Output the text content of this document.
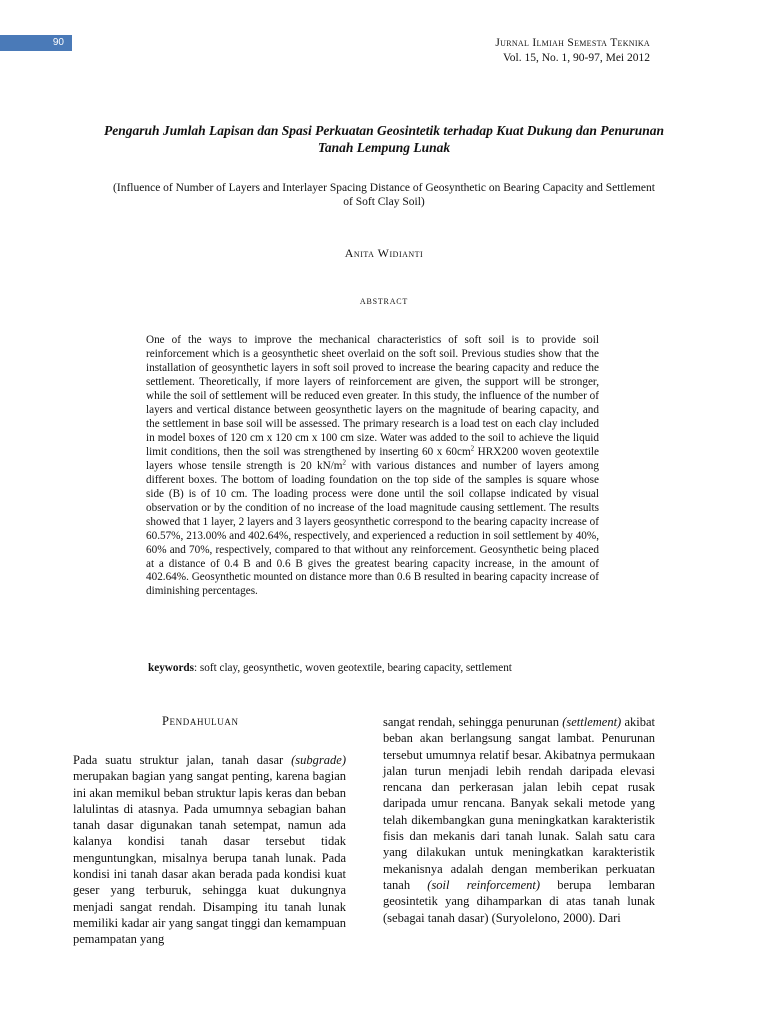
90	Jurnal Ilmiah Semesta Teknika
Vol. 15, No. 1, 90-97, Mei 2012
Pengaruh Jumlah Lapisan dan Spasi Perkuatan Geosintetik terhadap Kuat Dukung dan Penurunan Tanah Lempung Lunak
(Influence of Number of Layers and Interlayer Spacing Distance of Geosynthetic on Bearing Capacity and Settlement of Soft Clay Soil)
Anita Widianti
abstract
One of the ways to improve the mechanical characteristics of soft soil is to provide soil reinforcement which is a geosynthetic sheet overlaid on the soft soil. Previous studies show that the installation of geosynthetic layers in soft soil proved to increase the bearing capacity and reduce the settlement. Theoretically, if more layers of reinforcement are given, the support will be stronger, while the soil of settlement will be reduced even greater. In this study, the influence of the number of layers and vertical distance between geosynthetic layers on the magnitude of bearing capacity, and the settlement in base soil will be assessed. The primary research is a load test on each clay included in model boxes of 120 cm x 120 cm x 100 cm size. Water was added to the soil to achieve the liquid limit conditions, then the soil was strengthened by inserting 60 x $60cm^2$ HRX200 woven geotextile layers whose tensile strength is 20 $kN/m^2$ with various distances and number of layers among different boxes. The bottom of loading foundation on the top side of the samples is square whose side (B) is of 10 cm. The loading process were done until the soil collapse indicated by visual observation or by the condition of no increase of the load magnitude causing settlement. The results showed that 1 layer, 2 layers and 3 layers geosynthetic correspond to the bearing capacity increase of 60.57%, 213.00% and 402.64%, respectively, and experienced a reduction in soil settlement by 40%, 60% and 70%, respectively, compared to that without any reinforcement. Geosynthetic being placed at a distance of 0.4 B and 0.6 B gives the greatest bearing capacity increase, in the amount of 402.64%. Geosynthetic mounted on distance more than 0.6 B resulted in bearing capacity increase of diminishing percentages.
keywords: soft clay, geosynthetic, woven geotextile, bearing capacity, settlement
Pendahuluan
Pada suatu struktur jalan, tanah dasar (subgrade) merupakan bagian yang sangat penting, karena bagian ini akan memikul beban struktur lapis keras dan beban lalulintas di atasnya. Pada umumnya sebagian bahan tanah dasar digunakan tanah setempat, namun ada kalanya kondisi tanah dasar tersebut tidak menguntungkan, misalnya berupa tanah lunak. Pada kondisi ini tanah dasar akan berada pada kondisi kuat geser yang terburuk, sehingga kuat dukungnya menjadi sangat rendah. Disamping itu tanah lunak memiliki kadar air yang sangat tinggi dan kemampuan pemampatan yang
sangat rendah, sehingga penurunan (settlement) akibat beban akan berlangsung sangat lambat. Penurunan tersebut umumnya relatif besar. Akibatnya permukaan jalan turun menjadi lebih rendah daripada elevasi rencana dan perkerasan jalan lebih cepat rusak daripada umur rencana. Banyak sekali metode yang telah dikembangkan guna meningkatkan karakteristik fisis dan mekanis dari tanah lunak. Salah satu cara yang dilakukan untuk meningkatkan karakteristik mekanisnya adalah dengan memberikan perkuatan tanah (soil reinforcement) berupa lembaran geosintetik yang dihamparkan di atas tanah lunak (sebagai tanah dasar) (Suryolelono, 2000). Dari
